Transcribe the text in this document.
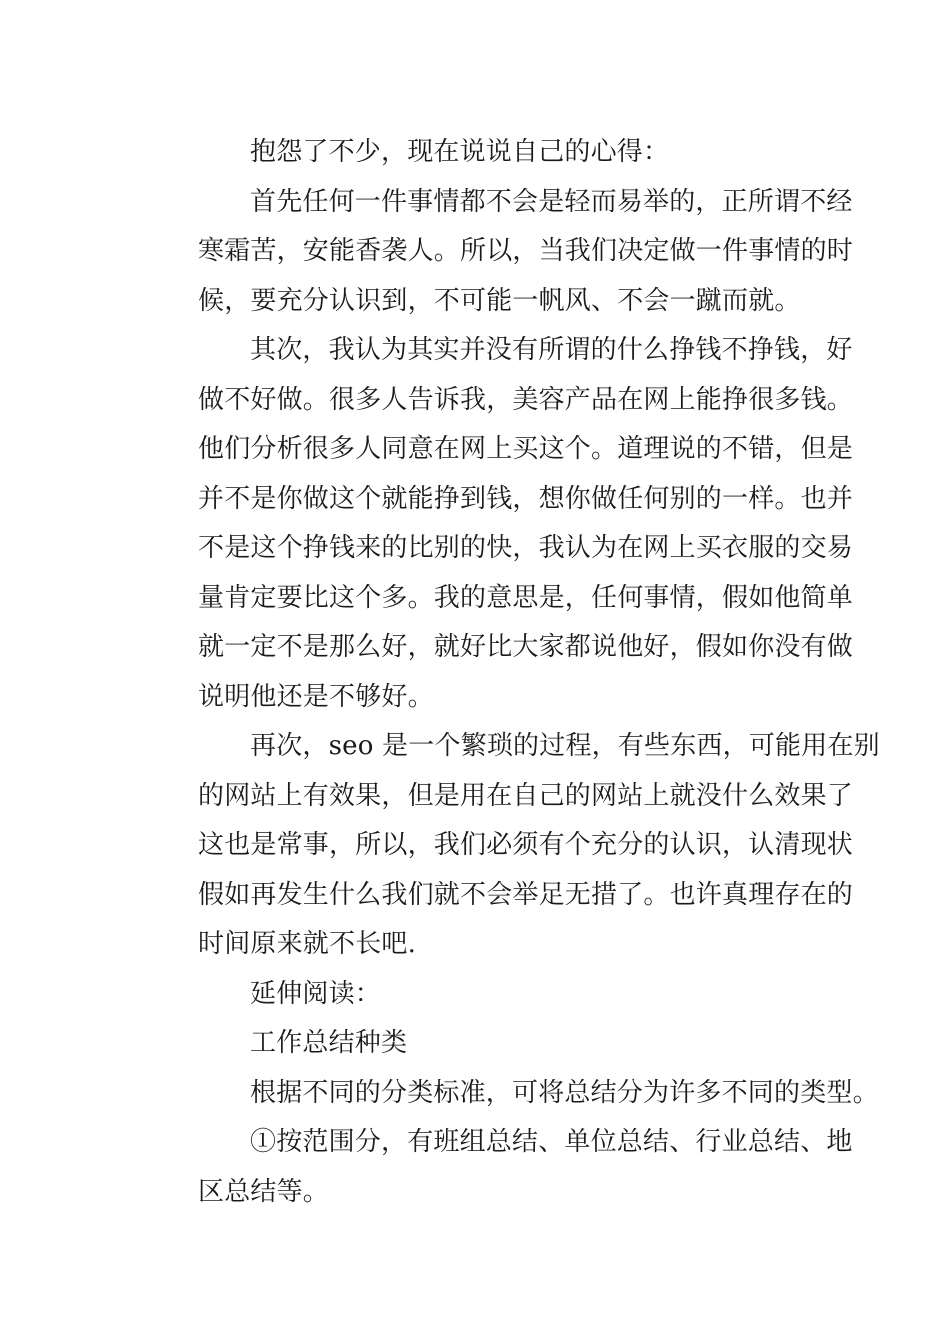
抱怨了不少，现在说说自己的心得：
首先任何一件事情都不会是轻而易举的，正所谓不经
寒霜苦，安能香袭人。所以，当我们决定做一件事情的时
候，要充分认识到，不可能一帆风、不会一蹴而就。
其次，我认为其实并没有所谓的什么挣钱不挣钱，好
做不好做。很多人告诉我，美容产品在网上能挣很多钱。
他们分析很多人同意在网上买这个。道理说的不错，但是
并不是你做这个就能挣到钱，想你做任何别的一样。也并
不是这个挣钱来的比别的快，我认为在网上买衣服的交易
量肯定要比这个多。我的意思是，任何事情，假如他简单
就一定不是那么好，就好比大家都说他好，假如你没有做
说明他还是不够好。
再次，seo 是一个繁琐的过程，有些东西，可能用在别
的网站上有效果，但是用在自己的网站上就没什么效果了
这也是常事，所以，我们必须有个充分的认识，认清现状
假如再发生什么我们就不会举足无措了。也许真理存在的
时间原来就不长吧.
延伸阅读：
工作总结种类
根据不同的分类标准，可将总结分为许多不同的类型。
①按范围分，有班组总结、单位总结、行业总结、地
区总结等。
